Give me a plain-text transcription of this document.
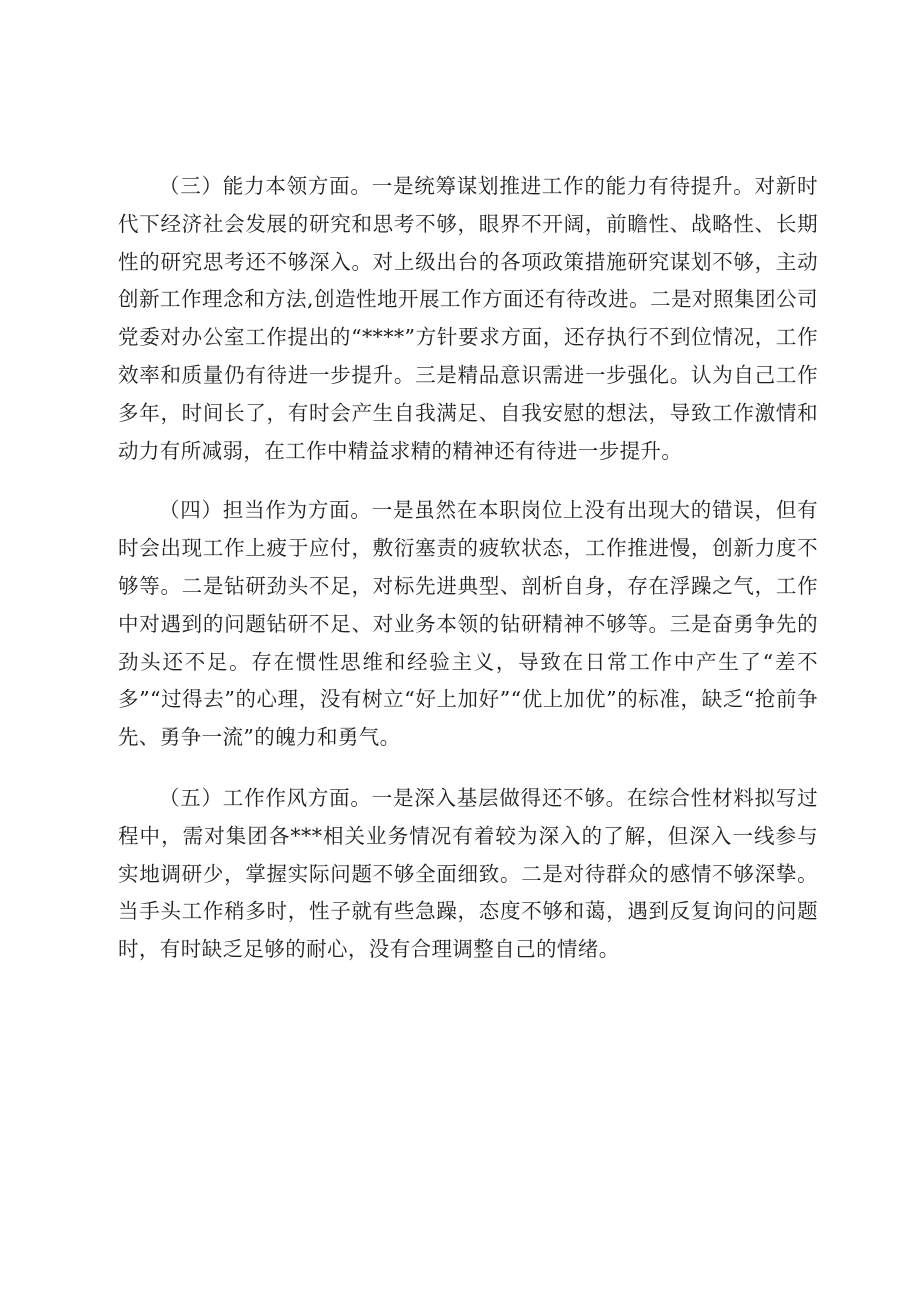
（三）能力本领方面。一是统筹谋划推进工作的能力有待提升。对新时代下经济社会发展的研究和思考不够，眼界不开阔，前瞻性、战略性、长期性的研究思考还不够深入。对上级出台的各项政策措施研究谋划不够，主动创新工作理念和方法,创造性地开展工作方面还有待改进。二是对照集团公司党委对办公室工作提出的“****”方针要求方面，还存执行不到位情况，工作效率和质量仍有待进一步提升。三是精品意识需进一步强化。认为自己工作多年，时间长了，有时会产生自我满足、自我安慰的想法，导致工作激情和动力有所减弱，在工作中精益求精的精神还有待进一步提升。

（四）担当作为方面。一是虽然在本职岗位上没有出现大的错误，但有时会出现工作上疲于应付，敷衍塞责的疲软状态，工作推进慢，创新力度不够等。二是钻研劲头不足，对标先进典型、剖析自身，存在浮躁之气，工作中对遇到的问题钻研不足、对业务本领的钻研精神不够等。三是奋勇争先的劲头还不足。存在惯性思维和经验主义，导致在日常工作中产生了“差不多”“过得去”的心理，没有树立“好上加好”“优上加优”的标准，缺乏“抢前争先、勇争一流”的魄力和勇气。

（五）工作作风方面。一是深入基层做得还不够。在综合性材料拟写过程中，需对集团各***相关业务情况有着较为深入的了解，但深入一线参与实地调研少，掌握实际问题不够全面细致。二是对待群众的感情不够深挚。当手头工作稍多时，性子就有些急躁，态度不够和蔼，遇到反复询问的问题时，有时缺乏足够的耐心，没有合理调整自己的情绪。
